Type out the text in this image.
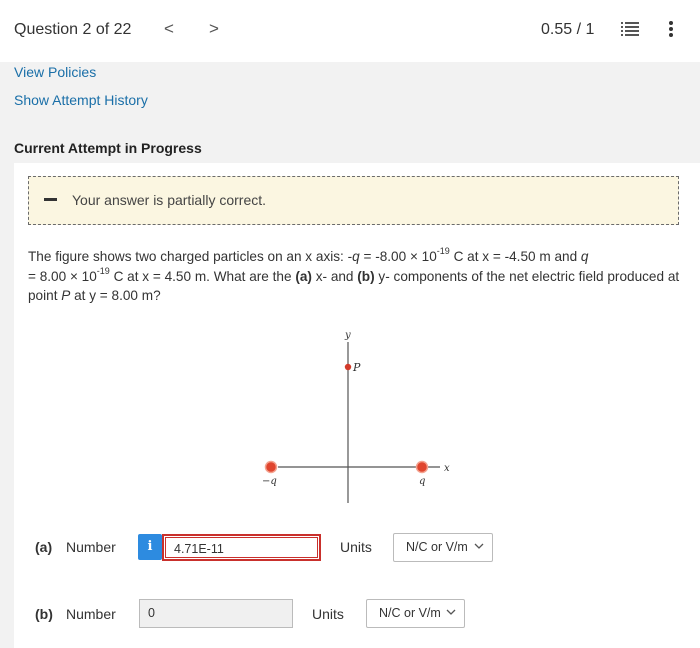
Question 2 of 22 < >	0.55 / 1
View Policies
Show Attempt History
Current Attempt in Progress
Your answer is partially correct.
The figure shows two charged particles on an x axis: $-q = -8.00 \times 10^{-19}$ C at x = -4.50 m and q
= $8.00 \times 10^{-19}$ C at x = 4.50 m. What are the (a) x- and (b) y- components of the net electric field produced at point P at y = 8.00 m?
y
x
P
−q	q
(a) Number	i	4.71E-11	Units	N/C or V/m
(b) Number	0	Units	N/C or V/m
